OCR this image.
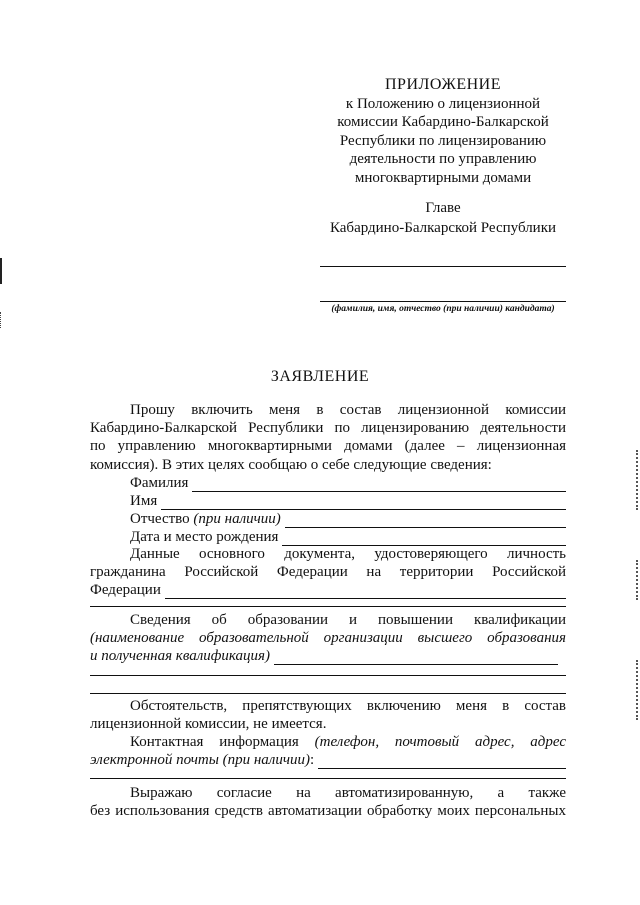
ПРИЛОЖЕНИЕ
к Положению о лицензионной
комиссии Кабардино-Балкарской
Республики по лицензированию
деятельности по управлению
многоквартирными домами
Главе
Кабардино-Балкарской Республики
(фамилия, имя, отчество (при наличии) кандидата)
ЗАЯВЛЕНИЕ
Прошу включить меня в состав лицензионной комиссии
Кабардино-Балкарской Республики по лицензированию деятельности
по управлению многоквартирными домами (далее – лицензионная
комиссия). В этих целях сообщаю о себе следующие сведения:
Фамилия
Имя
Отчество (при наличии)
Дата и место рождения
Данные основного документа, удостоверяющего личность
гражданина Российской Федерации на территории Российской
Федерации
Сведения об образовании и повышении квалификации
(наименование образовательной организации высшего образования
и полученная квалификация)
Обстоятельств, препятствующих включению меня в состав
лицензионной комиссии, не имеется.
Контактная информация (телефон, почтовый адрес, адрес
электронной почты (при наличии):
Выражаю согласие на автоматизированную, а также
без использования средств автоматизации обработку моих персональных
